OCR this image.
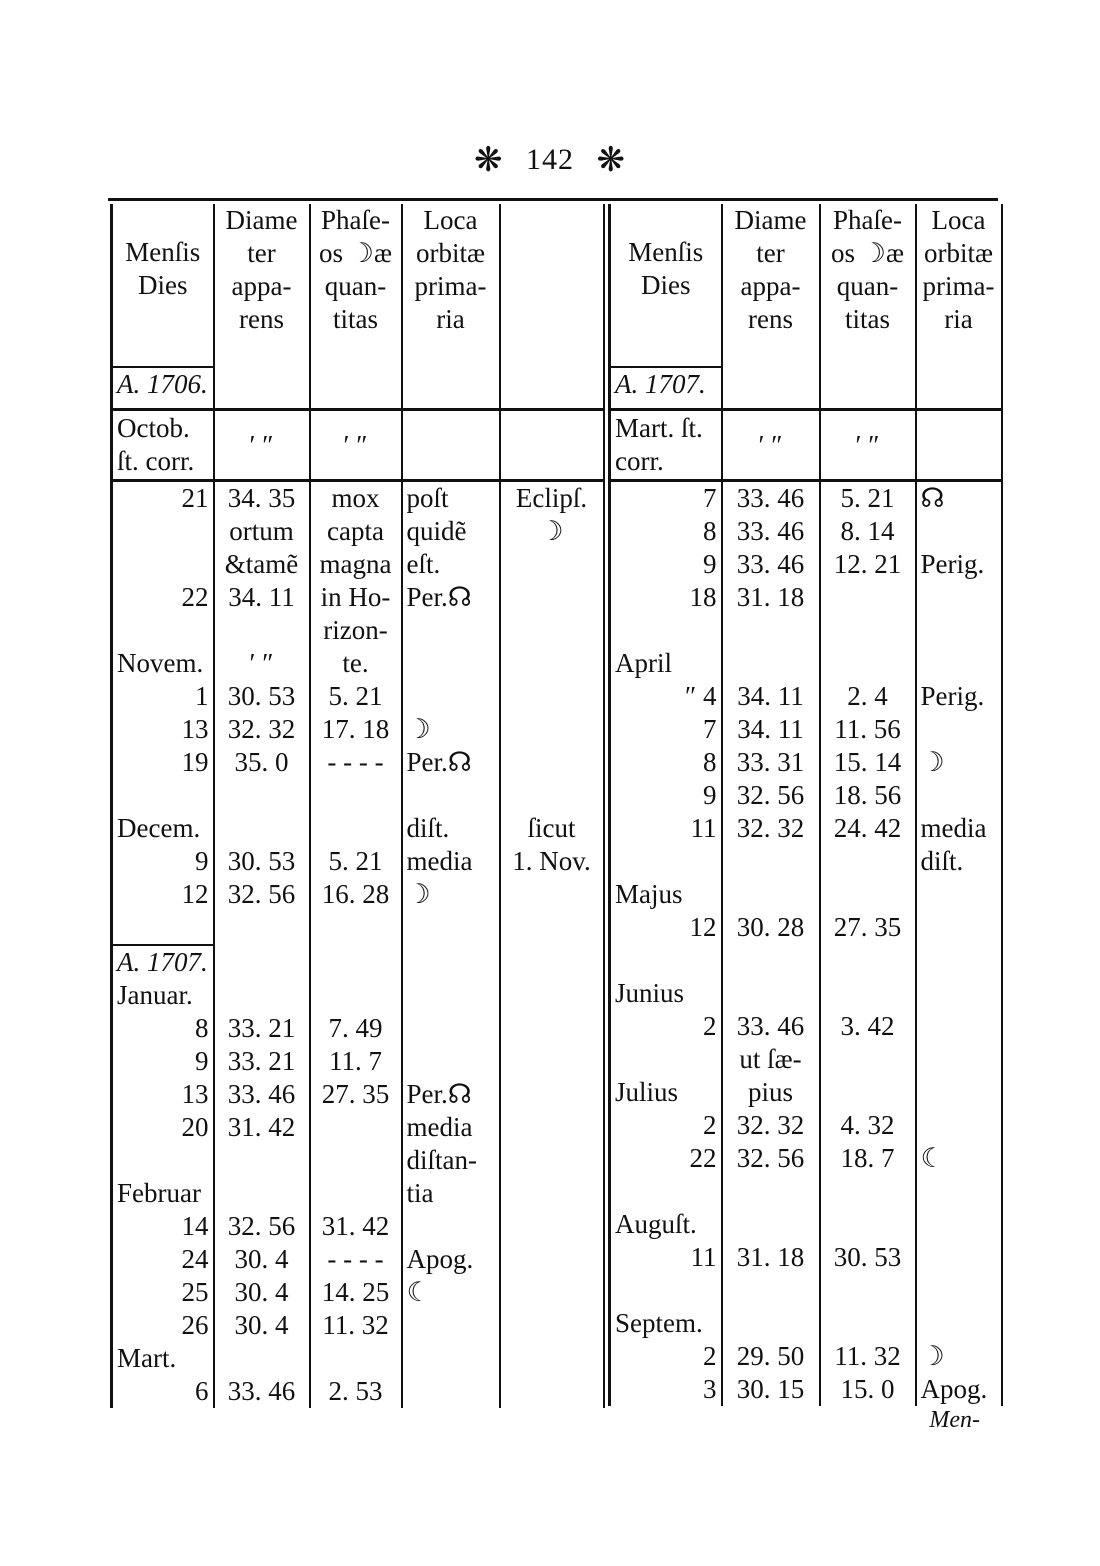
❋ 142 ❋
Menſis Dies	Diame ter appa- rens	Phaſe- os ☽æ quan- titas	Loca orbitæ prima- ria	
A. 1706.				
Octob. ſt. corr.	′ ″	′ ″		
21	34. 35	mox	poſt	Eclipſ.
	ortum	capta	quidẽ	☽
	&tamẽ	magna	eſt.	
22	34. 11	in Ho-	Per.☊	
		rizon-		
Novem.	′ ″	te.		
1	30. 53	5. 21		
13	32. 32	17. 18	☽	
19	35. 0	- - - -	Per.☊	

Decem.			diſt.	ſicut
9	30. 53	5. 21	media	1. Nov.
12	32. 56	16. 28	☽	

A. 1707.				
Januar.				
8	33. 21	7. 49		
9	33. 21	11. 7		
13	33. 46	27. 35	Per.☊	
20	31. 42		media	
			diſtan-	
Februar			tia	
14	32. 56	31. 42		
24	30. 4	- - - -	Apog.	
25	30. 4	14. 25	☾	
26	30. 4	11. 32		
Mart.				
6	33. 46	2. 53		
Menſis Dies	Diame ter appa- rens	Phaſe- os ☽æ quan- titas	Loca orbitæ prima- ria
A. 1707.			
Mart. ſt. corr.	′ ″	′ ″	
7	33. 46	5. 21	☊
8	33. 46	8. 14	
9	33. 46	12. 21	Perig.
18	31. 18		

April			
″ 4	34. 11	2. 4	Perig.
7	34. 11	11. 56	
8	33. 31	15. 14	☽
9	32. 56	18. 56	
11	32. 32	24. 42	media
			diſt.
Majus			
12	30. 28	27. 35	

Junius			
2	33. 46	3. 42	
	ut ſæ-		
Julius	pius		
2	32. 32	4. 32	
22	32. 56	18. 7	☾

Auguſt.			
11	31. 18	30. 53	

Septem.			
2	29. 50	11. 32	☽
3	30. 15	15. 0	Apog.
Men-
